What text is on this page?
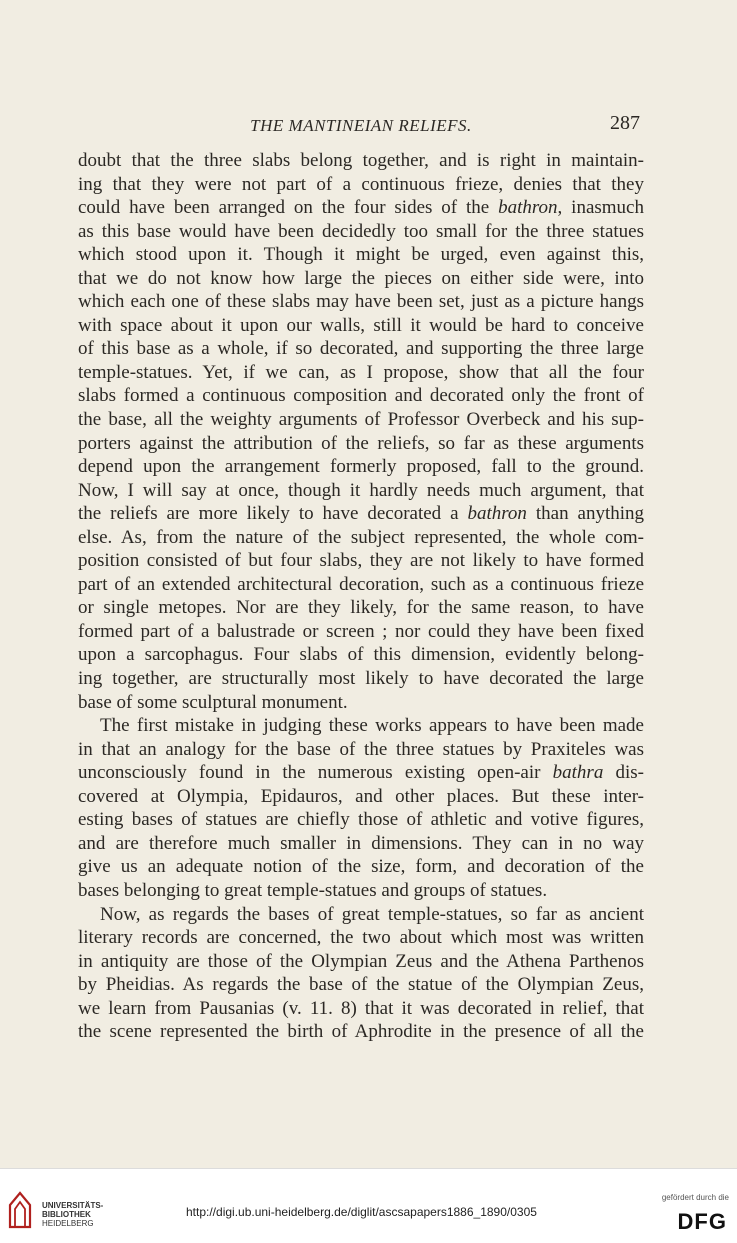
THE MANTINEIAN RELIEFS.	287
doubt that the three slabs belong together, and is right in maintain-
ing that they were not part of a continuous frieze, denies that they
could have been arranged on the four sides of the bathron, inasmuch
as this base would have been decidedly too small for the three statues
which stood upon it. Though it might be urged, even against this,
that we do not know how large the pieces on either side were, into
which each one of these slabs may have been set, just as a picture hangs
with space about it upon our walls, still it would be hard to conceive
of this base as a whole, if so decorated, and supporting the three large
temple-statues. Yet, if we can, as I propose, show that all the four
slabs formed a continuous composition and decorated only the front of
the base, all the weighty arguments of Professor Overbeck and his sup-
porters against the attribution of the reliefs, so far as these arguments
depend upon the arrangement formerly proposed, fall to the ground.
Now, I will say at once, though it hardly needs much argument, that
the reliefs are more likely to have decorated a bathron than anything
else. As, from the nature of the subject represented, the whole com-
position consisted of but four slabs, they are not likely to have formed
part of an extended architectural decoration, such as a continuous frieze
or single metopes. Nor are they likely, for the same reason, to have
formed part of a balustrade or screen ; nor could they have been fixed
upon a sarcophagus. Four slabs of this dimension, evidently belong-
ing together, are structurally most likely to have decorated the large
base of some sculptural monument.
The first mistake in judging these works appears to have been made
in that an analogy for the base of the three statues by Praxiteles was
unconsciously found in the numerous existing open-air bathra dis-
covered at Olympia, Epidauros, and other places. But these inter-
esting bases of statues are chiefly those of athletic and votive figures,
and are therefore much smaller in dimensions. They can in no way
give us an adequate notion of the size, form, and decoration of the
bases belonging to great temple-statues and groups of statues.
Now, as regards the bases of great temple-statues, so far as ancient
literary records are concerned, the two about which most was written
in antiquity are those of the Olympian Zeus and the Athena Parthenos
by Pheidias. As regards the base of the statue of the Olympian Zeus,
we learn from Pausanias (v. 11. 8) that it was decorated in relief, that
the scene represented the birth of Aphrodite in the presence of all the
UNIVERSITÄTS-
BIBLIOTHEK
HEIDELBERG
http://digi.ub.uni-heidelberg.de/diglit/ascsapapers1886_1890/0305
gefördert durch die
DFG
